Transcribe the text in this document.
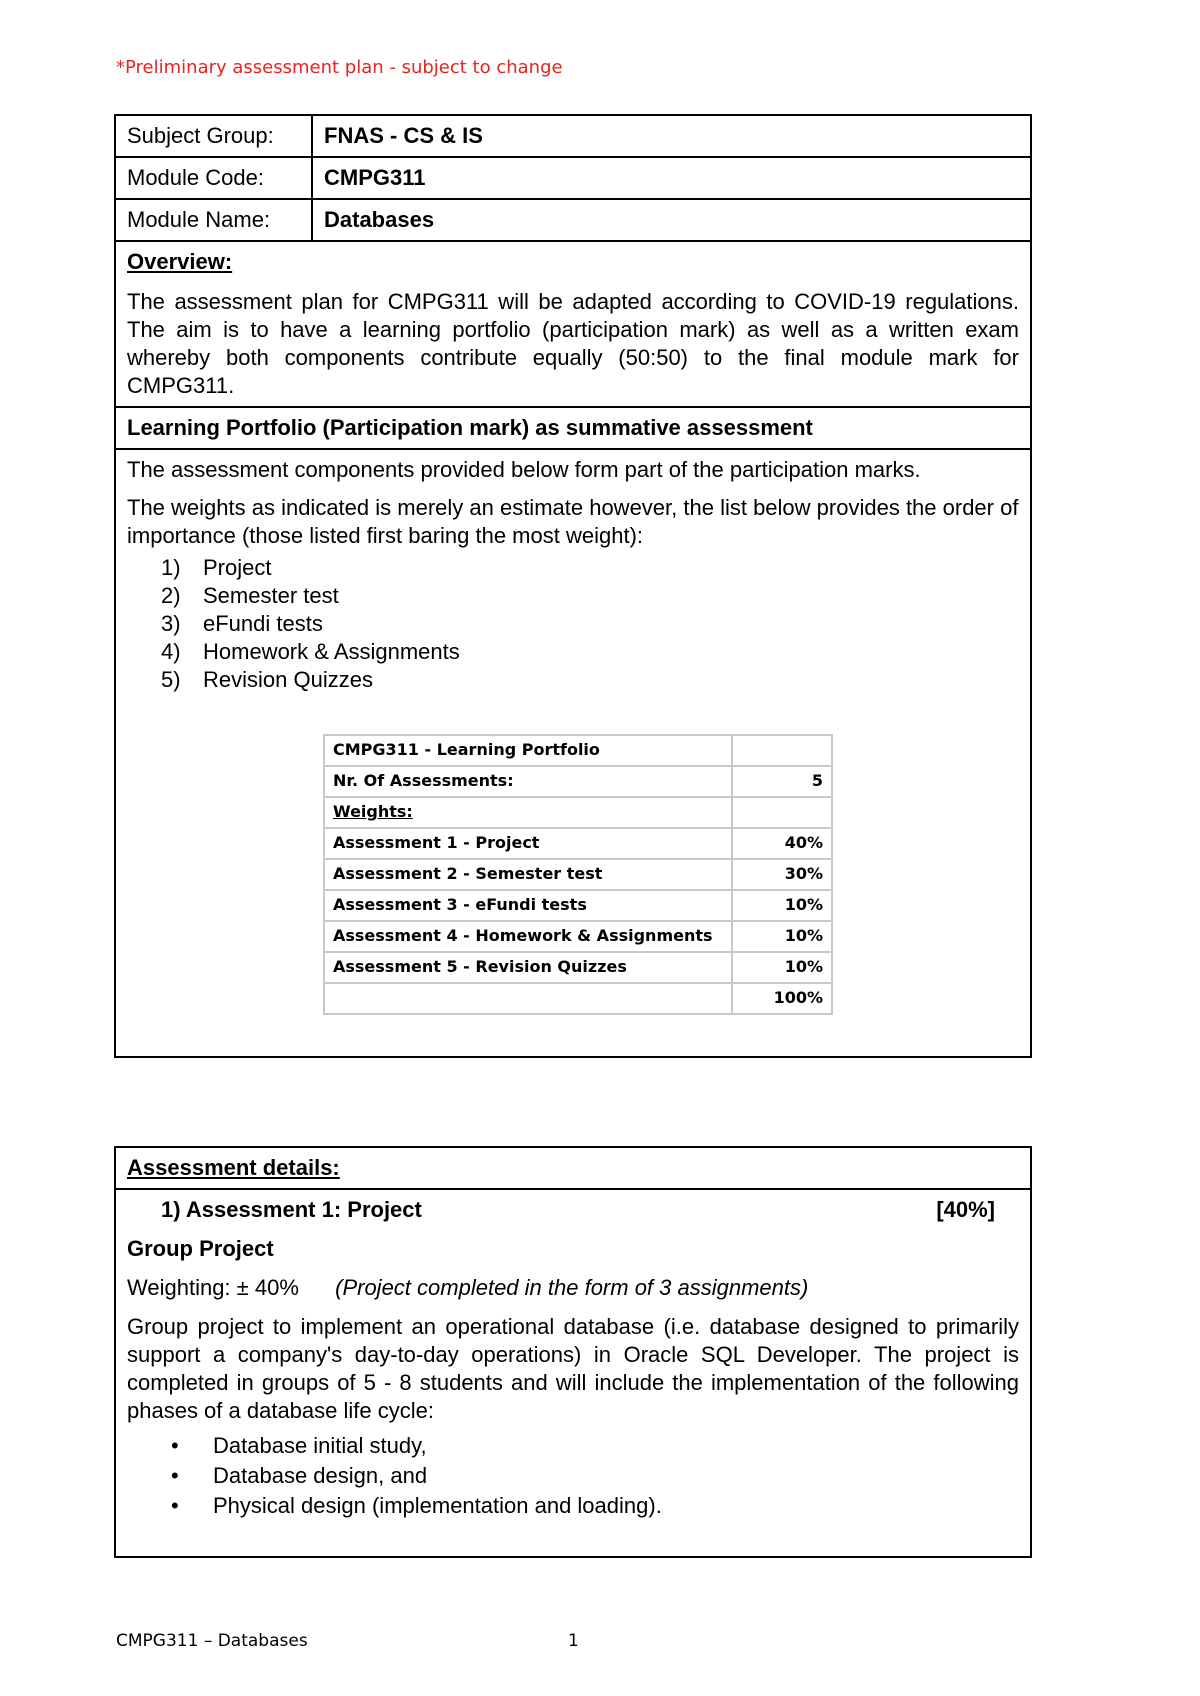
*Preliminary assessment plan - subject to change
Subject Group:	FNAS - CS & IS
Module Code:	CMPG311
Module Name:	Databases

Overview:

The assessment plan for CMPG311 will be adapted according to COVID-19 regulations. The aim is to have a learning portfolio (participation mark) as well as a written exam whereby both components contribute equally (50:50) to the final module mark for CMPG311.

Learning Portfolio (Participation mark) as summative assessment

The assessment components provided below form part of the participation marks.

The weights as indicated is merely an estimate however, the list below provides the order of importance (those listed first baring the most weight):

1)	Project
2)	Semester test
3)	eFundi tests
4)	Homework & Assignments
5)	Revision Quizzes
CMPG311 - Learning Portfolio	
Nr. Of Assessments:	5
Weights:	
Assessment 1 - Project	40%
Assessment 2 - Semester test	30%
Assessment 3 - eFundi tests	10%
Assessment 4 - Homework & Assignments	10%
Assessment 5 - Revision Quizzes	10%
	100%
Assessment details:

1) Assessment 1: Project	[40%]
Group Project
Weighting: ± 40% (Project completed in the form of 3 assignments)

Group project to implement an operational database (i.e. database designed to primarily support a company's day-to-day operations) in Oracle SQL Developer. The project is completed in groups of 5 - 8 students and will include the implementation of the following phases of a database life cycle:

•	Database initial study,
•	Database design, and
•	Physical design (implementation and loading).
CMPG311 – Databases	1
